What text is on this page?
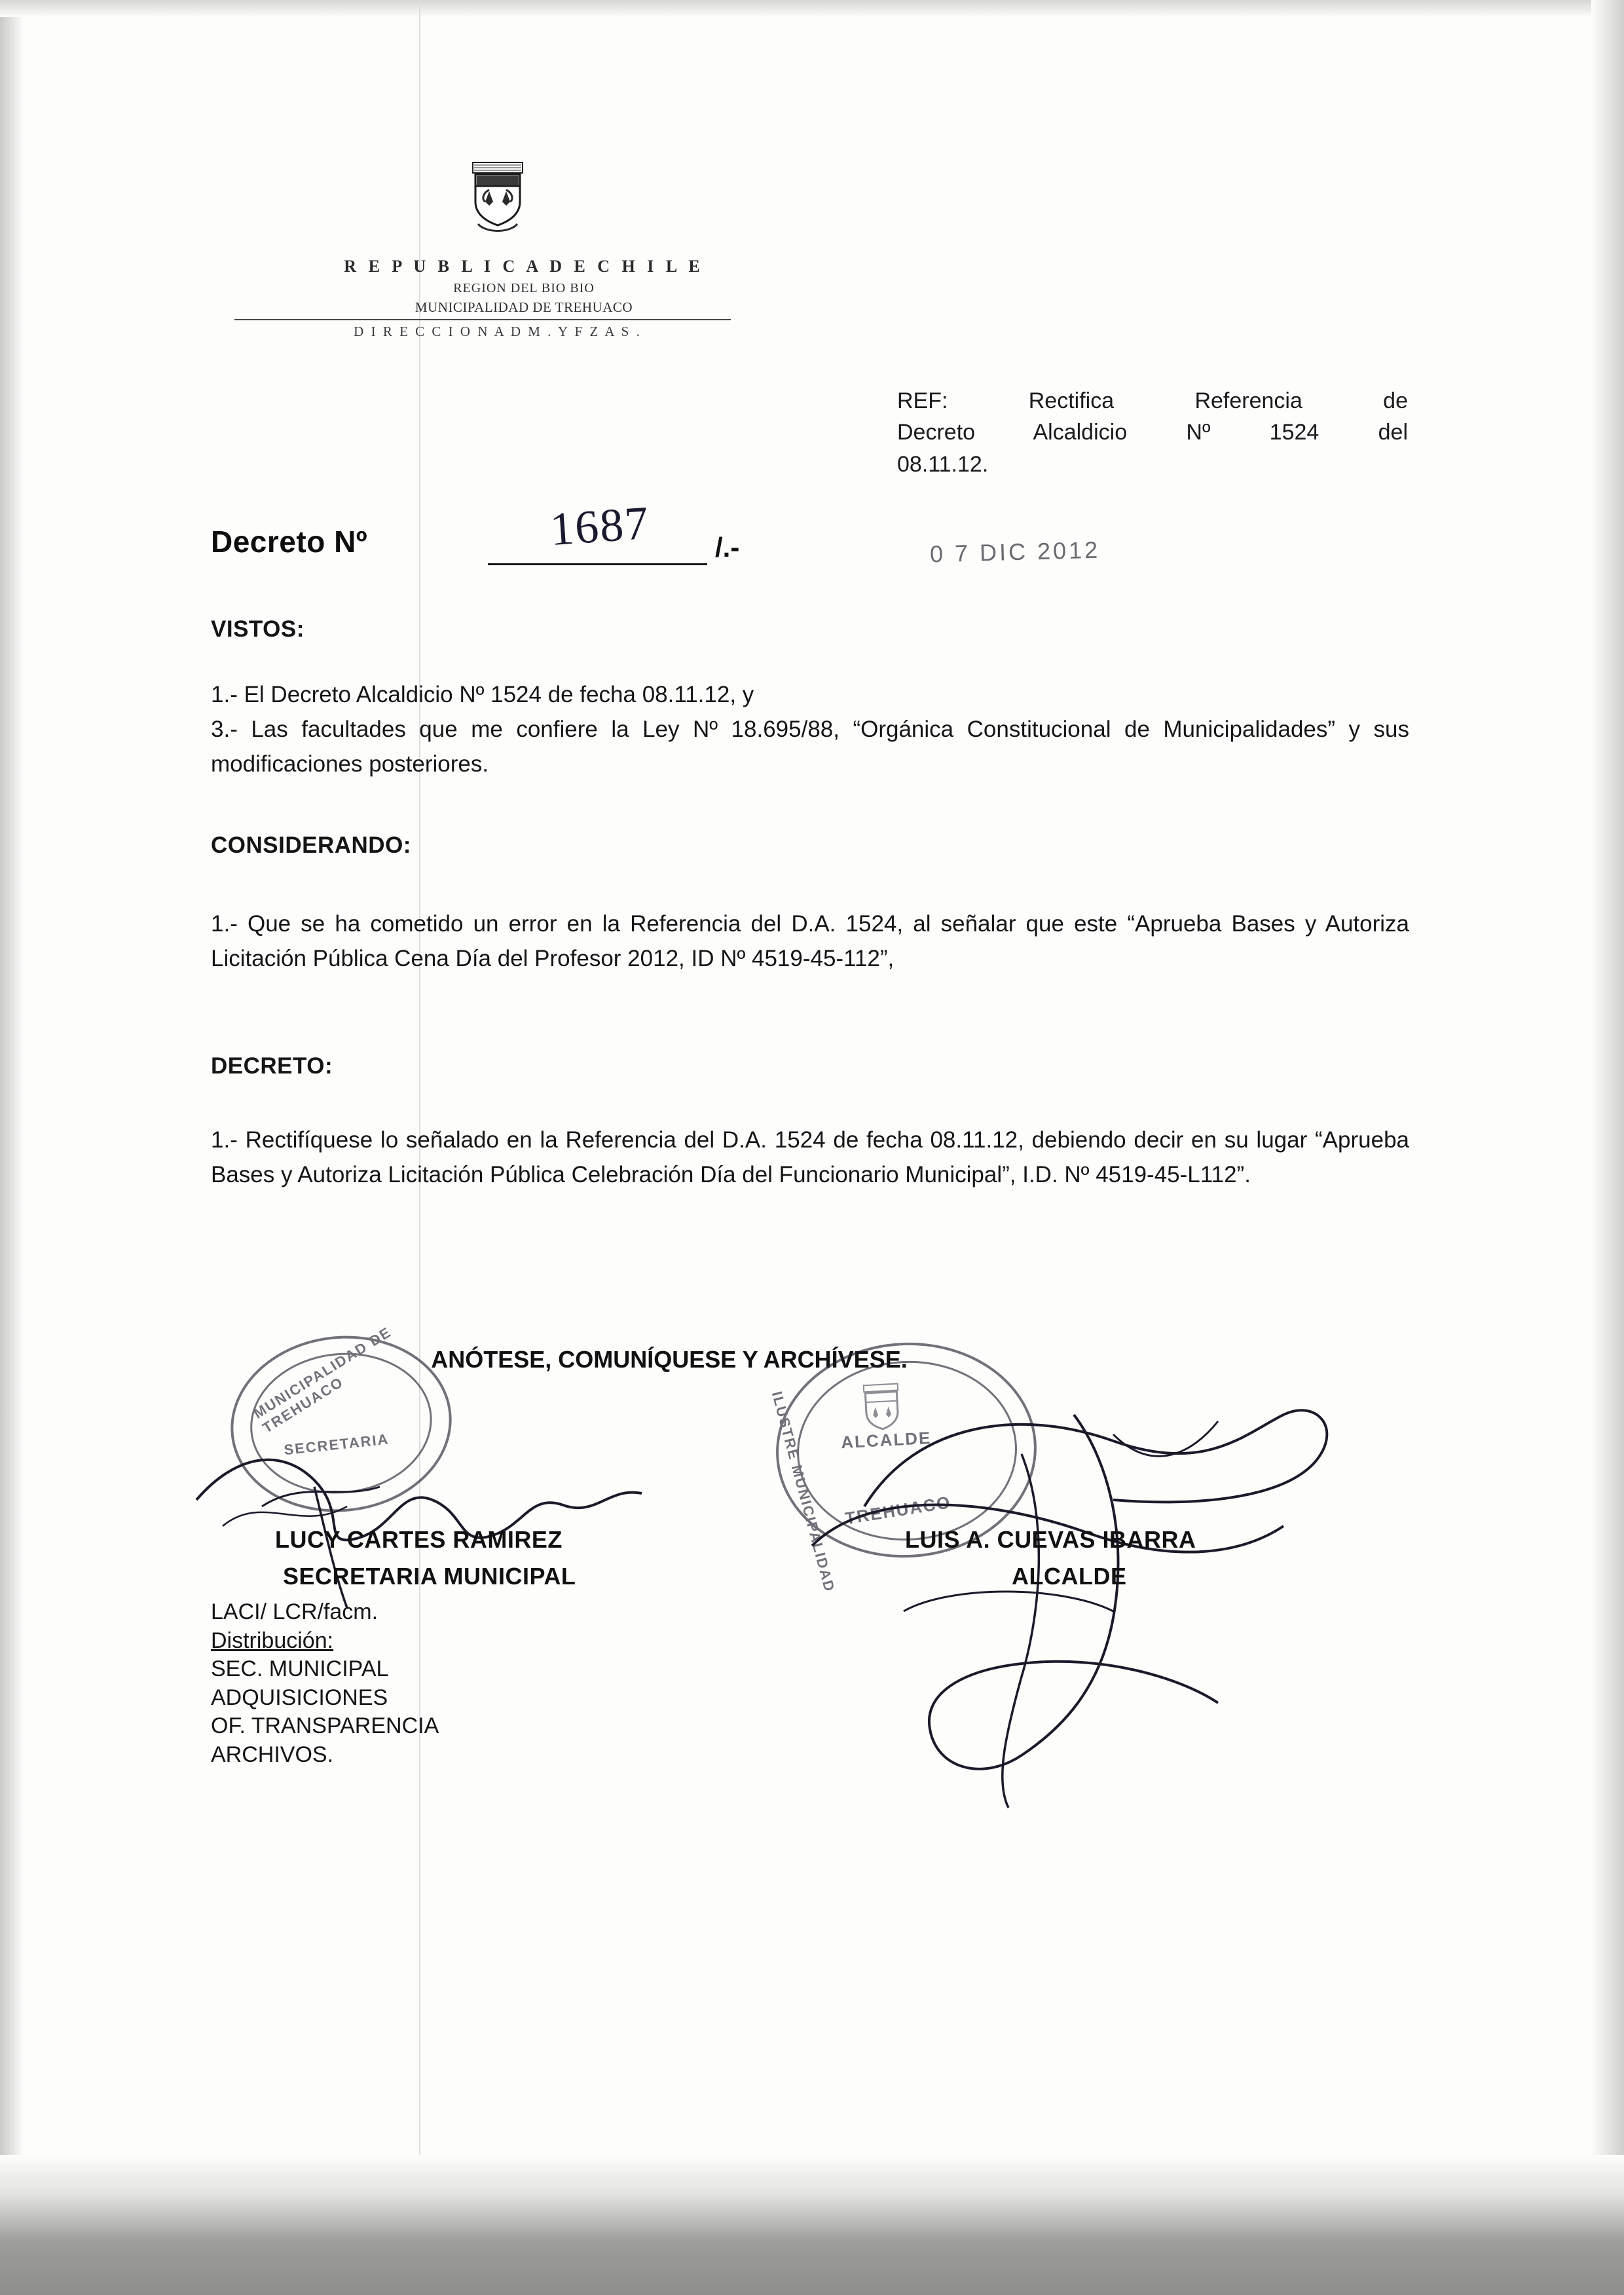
R E P U B L I C A D E C H I L E
REGION DEL BIO BIO
MUNICIPALIDAD DE TREHUACO
D I R E C C I O N A D M . Y F Z A S .
REF: Rectifica Referencia de
Decreto Alcaldicio Nº 1524 del
08.11.12.
Decreto Nº	1687 /.-	0 7 DIC 2012
VISTOS:
1.- El Decreto Alcaldicio Nº 1524 de fecha 08.11.12, y
3.- Las facultades que me confiere la Ley Nº 18.695/88, “Orgánica Constitucional de Municipalidades” y sus modificaciones posteriores.
CONSIDERANDO:
1.- Que se ha cometido un error en la Referencia del D.A. 1524, al señalar que este “Aprueba Bases y Autoriza Licitación Pública Cena Día del Profesor 2012, ID Nº 4519-45-112”,
DECRETO:
1.- Rectifíquese lo señalado en la Referencia del D.A. 1524 de fecha 08.11.12, debiendo decir en su lugar “Aprueba Bases y Autoriza Licitación Pública Celebración Día del Funcionario Municipal”, I.D. Nº 4519-45-L112”.
ANÓTESE, COMUNÍQUESE Y ARCHÍVESE.
MUNICIPALIDAD DE TREHUACO
SECRETARIA	ILUSTRE MUNICIPALIDAD ALCALDE
TREHUACO
LUCY CARTES RAMIREZ
SECRETARIA MUNICIPAL
LUIS A. CUEVAS IBARRA
ALCALDE
LACI/ LCR/facm.
Distribución:
SEC. MUNICIPAL
ADQUISICIONES
OF. TRANSPARENCIA
ARCHIVOS.
